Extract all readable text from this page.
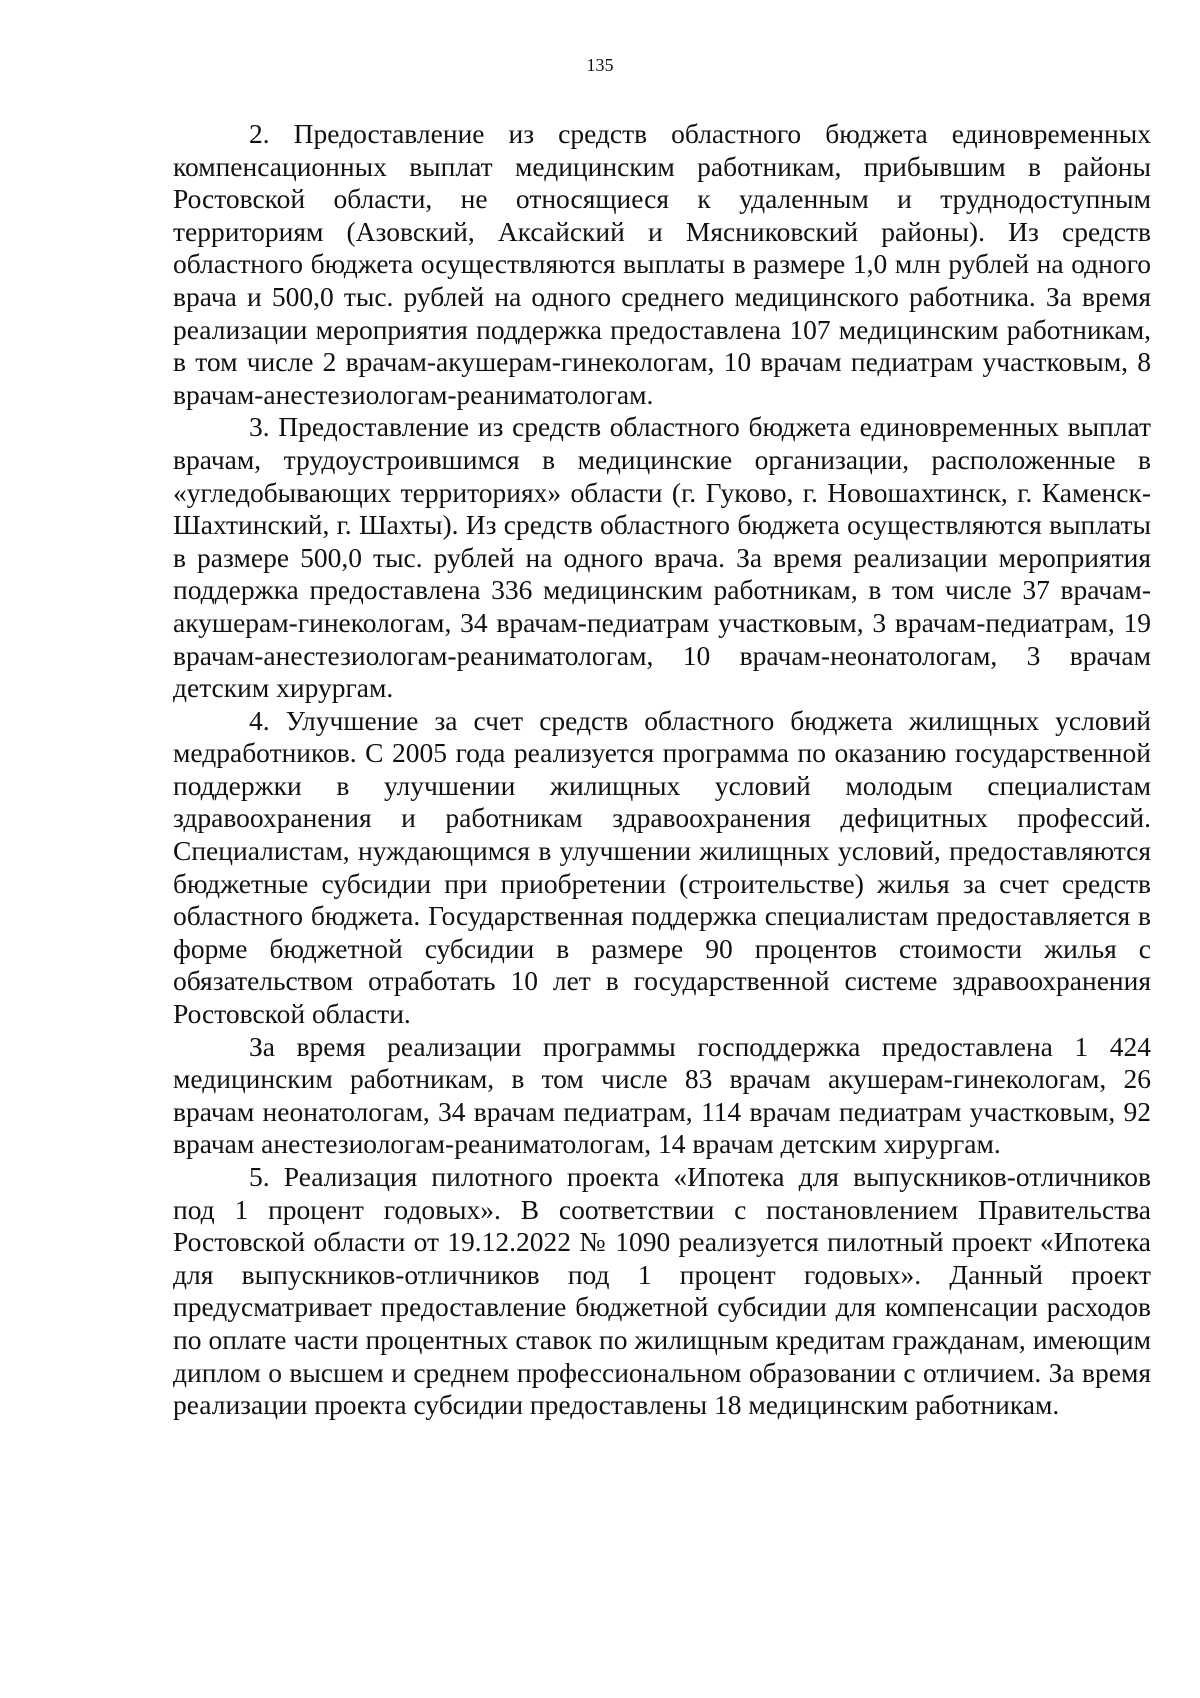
135

2. Предоставление из средств областного бюджета единовременных компенсационных выплат медицинским работникам, прибывшим в районы Ростовской области, не относящиеся к удаленным и труднодоступным территориям (Азовский, Аксайский и Мясниковский районы). Из средств областного бюджета осуществляются выплаты в размере 1,0 млн рублей на одного врача и 500,0 тыс. рублей на одного среднего медицинского работника. За время реализации мероприятия поддержка предоставлена 107 медицинским работникам, в том числе 2 врачам-акушерам-гинекологам, 10 врачам педиатрам участковым, 8 врачам-анестезиологам-реаниматологам.

3. Предоставление из средств областного бюджета единовременных выплат врачам, трудоустроившимся в медицинские организации, расположенные в «угледобывающих территориях» области (г. Гуково, г. Новошахтинск, г. Каменск-Шахтинский, г. Шахты). Из средств областного бюджета осуществляются выплаты в размере 500,0 тыс. рублей на одного врача. За время реализации мероприятия поддержка предоставлена 336 медицинским работникам, в том числе 37 врачам-акушерам-гинекологам, 34 врачам-педиатрам участковым, 3 врачам-педиатрам, 19 врачам-анестезиологам-реаниматологам, 10 врачам-неонатологам, 3 врачам детским хирургам.

4. Улучшение за счет средств областного бюджета жилищных условий медработников. С 2005 года реализуется программа по оказанию государственной поддержки в улучшении жилищных условий молодым специалистам здравоохранения и работникам здравоохранения дефицитных профессий. Специалистам, нуждающимся в улучшении жилищных условий, предоставляются бюджетные субсидии при приобретении (строительстве) жилья за счет средств областного бюджета. Государственная поддержка специалистам предоставляется в форме бюджетной субсидии в размере 90 процентов стоимости жилья с обязательством отработать 10 лет в государственной системе здравоохранения Ростовской области.

За время реализации программы господдержка предоставлена 1 424 медицинским работникам, в том числе 83 врачам акушерам-гинекологам, 26 врачам неонатологам, 34 врачам педиатрам, 114 врачам педиатрам участковым, 92 врачам анестезиологам-реаниматологам, 14 врачам детским хирургам.

5. Реализация пилотного проекта «Ипотека для выпускников-отличников под 1 процент годовых». В соответствии с постановлением Правительства Ростовской области от 19.12.2022 № 1090 реализуется пилотный проект «Ипотека для выпускников-отличников под 1 процент годовых». Данный проект предусматривает предоставление бюджетной субсидии для компенсации расходов по оплате части процентных ставок по жилищным кредитам гражданам, имеющим диплом о высшем и среднем профессиональном образовании с отличием. За время реализации проекта субсидии предоставлены 18 медицинским работникам.
